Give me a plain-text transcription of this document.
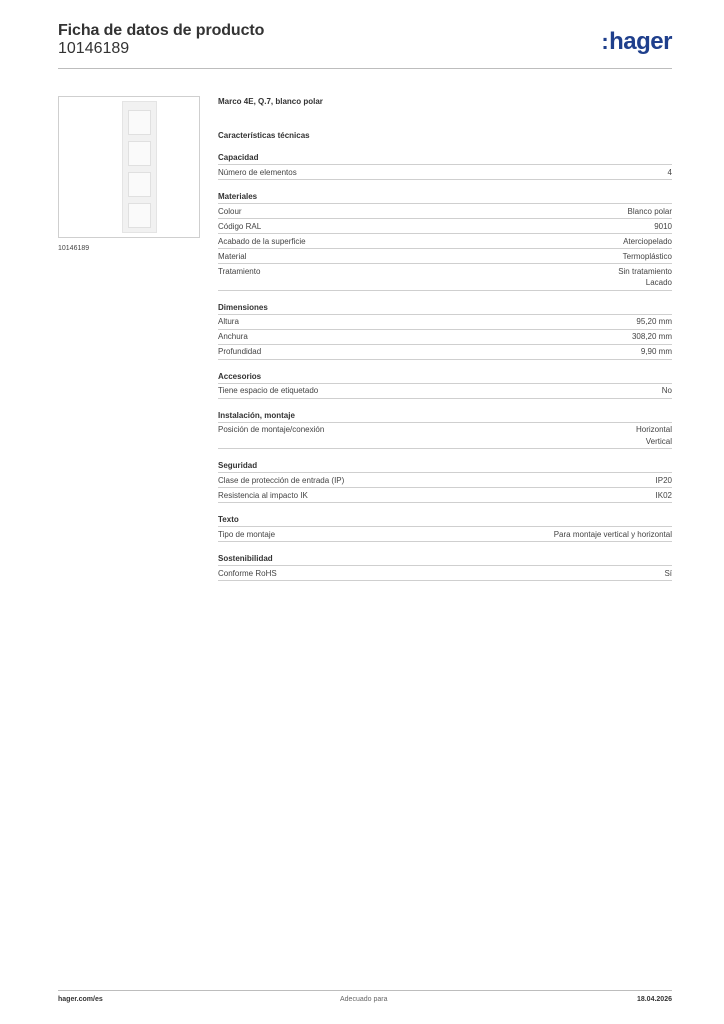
Ficha de datos de producto
10146189	:hager
10146189
Marco 4E, Q.7, blanco polar
Características técnicas
Capacidad
Número de elementos	4
Materiales
Colour	Blanco polar
Código RAL	9010
Acabado de la superficie	Aterciopelado
Material	Termoplástico
Tratamiento	Sin tratamiento
Lacado
Dimensiones
Altura	95,20 mm
Anchura	308,20 mm
Profundidad	9,90 mm
Accesorios
Tiene espacio de etiquetado	No
Instalación, montaje
Posición de montaje/conexión	Horizontal
Vertical
Seguridad
Clase de protección de entrada (IP)	IP20
Resistencia al impacto IK	IK02
Texto
Tipo de montaje	Para montaje vertical y horizontal
Sostenibilidad
Conforme RoHS	Sí
hager.com/es	Adecuado para	18.04.2026
